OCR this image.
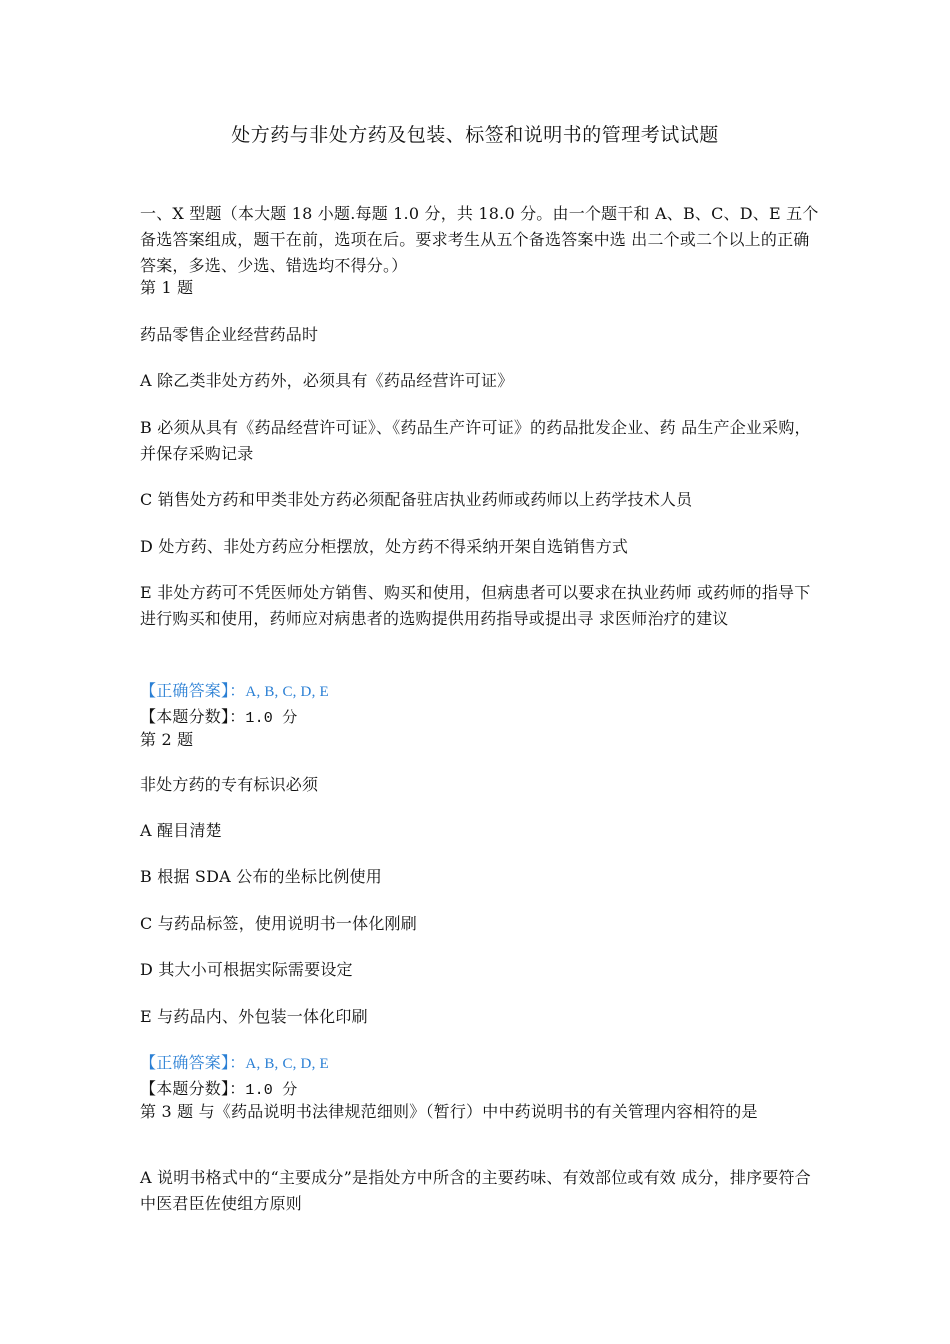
处方药与非处方药及包装、标签和说明书的管理考试试题
一、X 型题（本大题 18 小题.每题 1.0 分，共 18.0 分。由一个题干和 A、B、C、D、E 五个备选答案组成，题干在前，选项在后。要求考生从五个备选答案中选 出二个或二个以上的正确答案，多选、少选、错选均不得分。）
第 1 题
药品零售企业经营药品时
A 除乙类非处方药外，必须具有《药品经营许可证》
B 必须从具有《药品经营许可证》、《药品生产许可证》的药品批发企业、药 品生产企业采购，并保存采购记录
C 销售处方药和甲类非处方药必须配备驻店执业药师或药师以上药学技术人员
D 处方药、非处方药应分柜摆放，处方药不得采纳开架自选销售方式
E 非处方药可不凭医师处方销售、购买和使用，但病患者可以要求在执业药师 或药师的指导下进行购买和使用，药师应对病患者的选购提供用药指导或提出寻 求医师治疗的建议
【正确答案】：A, B, C, D, E
【本题分数】：1.0 分
第 2 题
非处方药的专有标识必须
A 醒目清楚
B 根据 SDA 公布的坐标比例使用
C 与药品标签，使用说明书一体化刚刷
D 其大小可根据实际需要设定
E 与药品内、外包装一体化印刷
【正确答案】：A, B, C, D, E
【本题分数】：1.0 分
第 3 题 与《药品说明书法律规范细则》（暂行）中中药说明书的有关管理内容相符的是
A 说明书格式中的“主要成分”是指处方中所含的主要药味、有效部位或有效 成分，排序要符合中医君臣佐使组方原则
